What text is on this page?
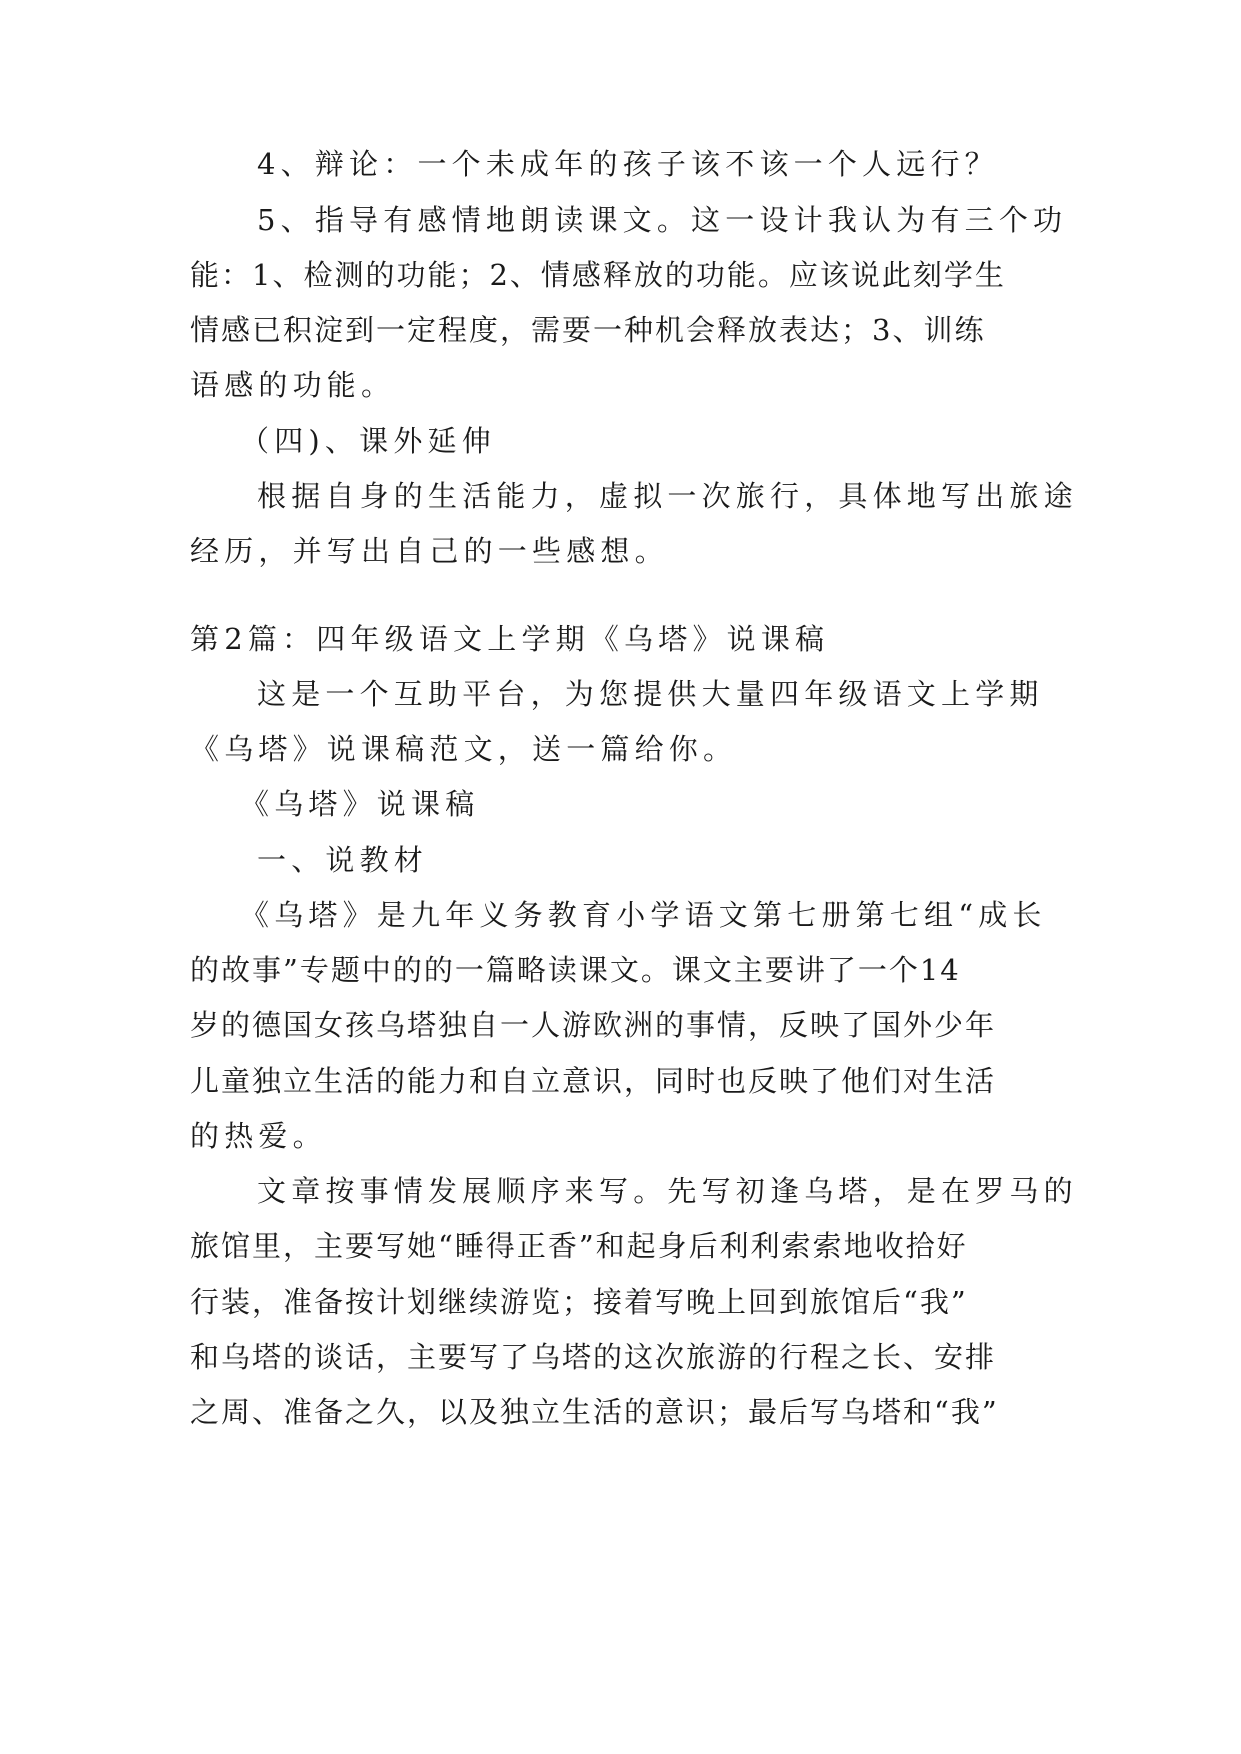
4、辩论：一个未成年的孩子该不该一个人远行？
5、指导有感情地朗读课文。这一设计我认为有三个功
能：1、检测的功能；2、情感释放的功能。应该说此刻学生
情感已积淀到一定程度，需要一种机会释放表达；3、训练
语感的功能。
（四)、课外延伸
根据自身的生活能力，虚拟一次旅行，具体地写出旅途
经历，并写出自己的一些感想。
第2篇：四年级语文上学期《乌塔》说课稿
这是一个互助平台，为您提供大量四年级语文上学期
《乌塔》说课稿范文，送一篇给你。
《乌塔》说课稿
一、说教材
《乌塔》是九年义务教育小学语文第七册第七组“成长
的故事”专题中的的一篇略读课文。课文主要讲了一个14
岁的德国女孩乌塔独自一人游欧洲的事情，反映了国外少年
儿童独立生活的能力和自立意识，同时也反映了他们对生活
的热爱。
文章按事情发展顺序来写。先写初逢乌塔，是在罗马的
旅馆里，主要写她“睡得正香”和起身后利利索索地收拾好
行装，准备按计划继续游览；接着写晚上回到旅馆后“我”
和乌塔的谈话，主要写了乌塔的这次旅游的行程之长、安排
之周、准备之久，以及独立生活的意识；最后写乌塔和“我”
